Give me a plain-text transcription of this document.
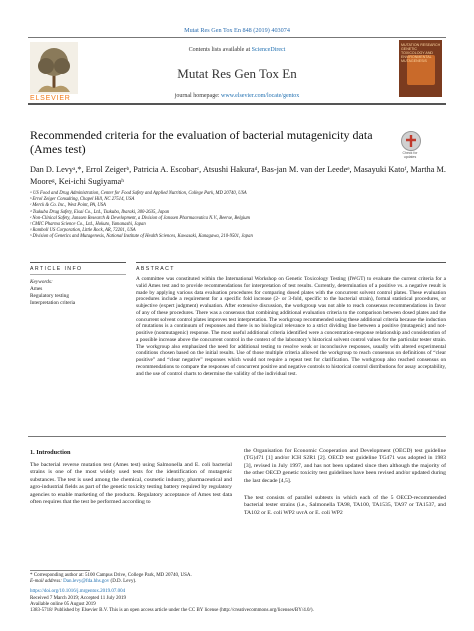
Mutat Res Gen Tox En 848 (2019) 403074
ELSEVIER
Contents lists available at ScienceDirect
Mutat Res Gen Tox En
journal homepage: www.elsevier.com/locate/gentox
MUTATION RESEARCH GENETIC TOXICOLOGY AND ENVIRONMENTAL MUTAGENESIS
Recommended criteria for the evaluation of bacterial mutagenicity data (Ames test)	Check for updates
Dan D. Levyᵃ,*, Errol Zeigerᵇ, Patricia A. Escobarᶜ, Atsushi Hakuraᵈ, Bas-jan M. van der Leedeᵉ, Masayuki Katoᶠ, Martha M. Mooreᵍ, Kei-ichi Sugiyamaʰ
ᵃ US Food and Drug Administration, Center for Food Safety and Applied Nutrition, College Park, MD 20740, USA
ᵇ Errol Zeiger Consulting, Chapel Hill, NC 27514, USA
ᶜ Merck & Co. Inc., West Point, PA, USA
ᵈ Tsukuba Drug Safety, Eisai Co., Ltd., Tsukuba, Ibaraki, 300-2635, Japan
ᵉ Non-Clinical Safety, Janssen Research & Development, a Division of Janssen Pharmaceutica N.V., Beerse, Belgium
ᶠ CMIC Pharma Science Co., Ltd., Hokuto, Yamanashi, Japan
ᵍ Ramboll US Corporation, Little Rock, AR, 72201, USA
ʰ Division of Genetics and Mutagenesis, National Institute of Health Sciences, Kawasaki, Kanagawa, 210-9501, Japan
ARTICLE INFO	ABSTRACT
Keywords:
Ames
Regulatory testing
Interpretation criteria
A committee was constituted within the International Workshop on Genetic Toxicology Testing (IWGT) to evaluate the current criteria for a valid Ames test and to provide recommendations for interpretation of test results. Currently, determination of a positive vs. a negative result is made by applying various data evaluation procedures for comparing dosed plates with the concurrent solvent control plates. These evaluation procedures include a requirement for a specific fold increase (2- or 3-fold, specific to the bacterial strain), formal statistical procedures, or subjective (expert judgment) evaluation. After extensive discussion, the workgroup was not able to reach consensus recommendations in favor of any of these procedures. There was a consensus that combining additional evaluation criteria to the comparison between dosed plates and the concurrent solvent control plates improves test interpretation. The workgroup recommended using these additional criteria because the induction of mutations is a continuum of responses and there is no biological relevance to a strict dividing line between a positive (mutagenic) and not-positive (nonmutagenic) response. The most useful additional criteria identified were a concentration-response relationship and consideration of a possible increase above the concurrent control in the context of the laboratory’s historical solvent control values for the particular tester strain. The workgroup also emphasized the need for additional testing to resolve weak or inconclusive responses, usually with altered experimental conditions chosen based on the initial results. Use of those multiple criteria allowed the workgroup to reach consensus on definitions of “clear positive” and “clear negative” responses which would not require a repeat test for clarification. The workgroup also reached consensus on recommendations to compare the responses of concurrent positive and negative controls to historical control distributions for assay acceptability, and the use of control charts to determine the validity of the individual test.
1. Introduction
The bacterial reverse mutation test (Ames test) using Salmonella and E. coli bacterial strains is one of the most widely used tests for the identification of mutagenic substances. The test is used among the chemical, cosmetic industry, pharmaceutical and agro-industrial fields as part of the genetic toxicity testing battery required by regulatory agencies to enable marketing of the products. Regulatory acceptance of Ames test data often requires that the test be performed according to
the Organisation for Economic Cooperation and Development (OECD) test guideline (TG)471 [1] and/or ICH S2R1 [2]. OECD test guideline TG471 was adopted in 1983 [3], revised in July 1997, and has not been updated since then although the majority of the other OECD genetic toxicity test guidelines have been revised and/or updated during the last decade [4,5].
The test consists of parallel subtests in which each of the 5 OECD-recommended bacterial tester strains (i.e., Salmonella TA98, TA100, TA1535, TA97 or TA1537, and TA102 or E. coli WP2 uvrA or E. coli WP2
* Corresponding author at: 5100 Campus Drive, College Park, MD 20740, USA.
E-mail address: Dan.levy@fda.hhs.gov (D.D. Levy).
https://doi.org/10.1016/j.mrgentox.2019.07.004
Received 7 March 2019; Accepted 11 July 2019
Available online 05 August 2019
1383-5718/ Published by Elsevier B.V. This is an open access article under the CC BY license (http://creativecommons.org/licenses/BY/4.0/).
